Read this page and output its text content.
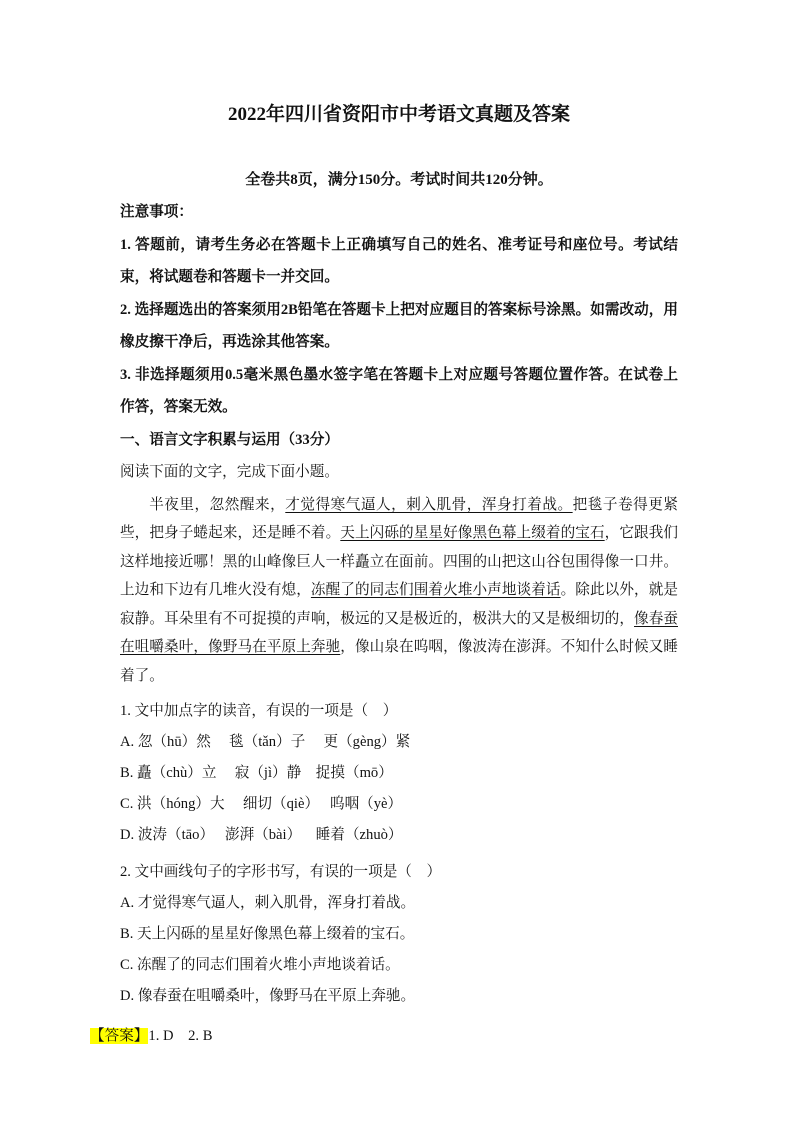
2022年四川省资阳市中考语文真题及答案

全卷共8页，满分150分。考试时间共120分钟。

注意事项：

1. 答题前，请考生务必在答题卡上正确填写自己的姓名、准考证号和座位号。考试结束，将试题卷和答题卡一并交回。

2. 选择题选出的答案须用2B铅笔在答题卡上把对应题目的答案标号涂黑。如需改动，用橡皮擦干净后，再选涂其他答案。

3. 非选择题须用0.5毫米黑色墨水签字笔在答题卡上对应题号答题位置作答。在试卷上作答，答案无效。

一、语言文字积累与运用（33分）

阅读下面的文字，完成下面小题。

半夜里，忽然醒来，才觉得寒气逼人，刺入肌骨，浑身打着战。把毯子卷得更紧些，把身子蜷起来，还是睡不着。天上闪砾的星星好像黑色幕上缀着的宝石，它跟我们这样地接近哪！黑的山峰像巨人一样矗立在面前。四围的山把这山谷包围得像一口井。上边和下边有几堆火没有熄，冻醒了的同志们围着火堆小声地谈着话。除此以外，就是寂静。耳朵里有不可捉摸的声响，极远的又是极近的，极洪大的又是极细切的，像春蚕在咀嚼桑叶，像野马在平原上奔驰，像山泉在呜咽，像波涛在澎湃。不知什么时候又睡着了。

1. 文中加点字的读音，有误的一项是（　）

A. 忽（hū）然　 毯（tǎn）子　 更（gèng）紧

B. 矗（chù）立　 寂（jì）静　捉摸（mō）

C. 洪（hóng）大　 细切（qiè）　 呜咽（yè）

D. 波涛（tāo）　 澎湃（bài）　  睡着（zhuò）

2. 文中画线句子的字形书写，有误的一项是（　）

A. 才觉得寒气逼人，刺入肌骨，浑身打着战。

B. 天上闪砾的星星好像黑色幕上缀着的宝石。

C. 冻醒了的同志们围着火堆小声地谈着话。

D. 像春蚕在咀嚼桑叶，像野马在平原上奔驰。

【答案】1. D    2. B
